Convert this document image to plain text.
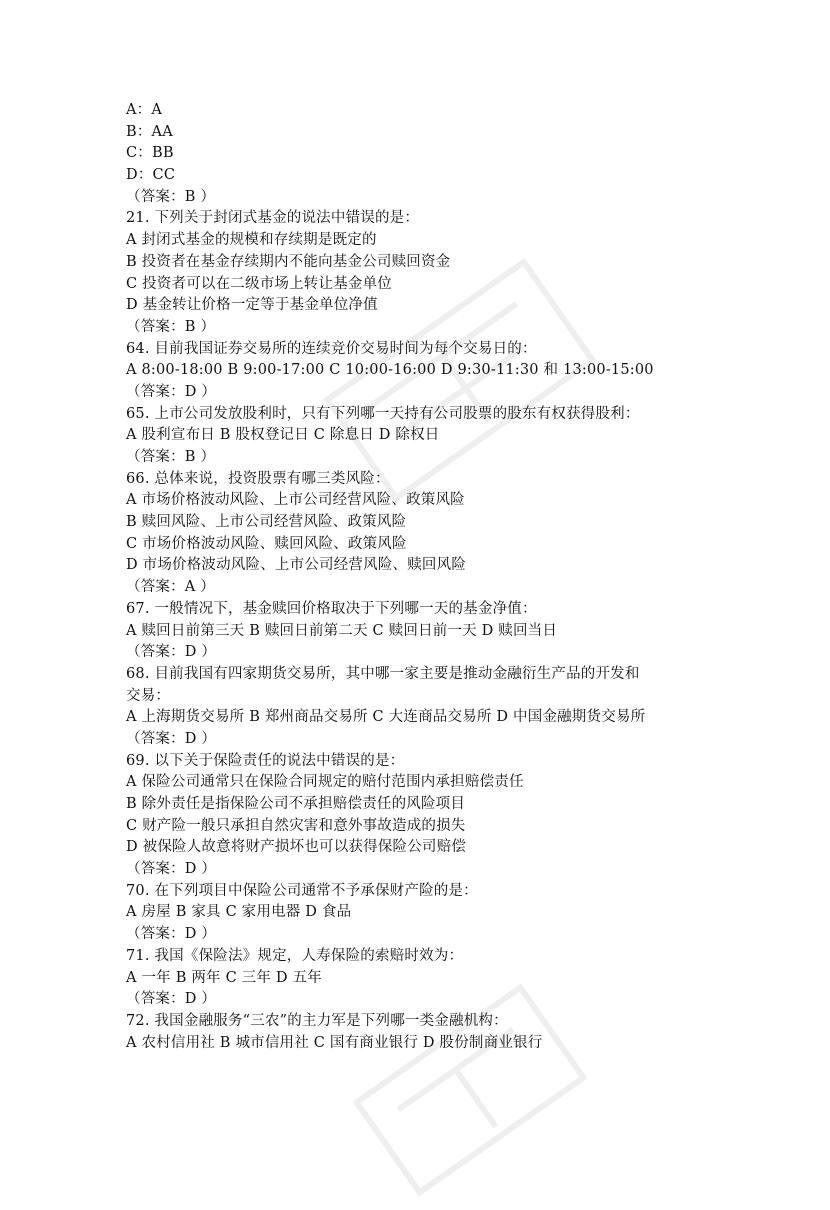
A：A
B：AA
C：BB
D：CC
（答案：B ）
21. 下列关于封闭式基金的说法中错误的是：
A 封闭式基金的规模和存续期是既定的
B 投资者在基金存续期内不能向基金公司赎回资金
C 投资者可以在二级市场上转让基金单位
D 基金转让价格一定等于基金单位净值
（答案：B ）
64. 目前我国证券交易所的连续竞价交易时间为每个交易日的：
A 8:00-18:00 B 9:00-17:00 C 10:00-16:00 D 9:30-11:30 和 13:00-15:00
（答案：D ）
65. 上市公司发放股利时，只有下列哪一天持有公司股票的股东有权获得股利：
A 股利宣布日 B 股权登记日 C 除息日 D 除权日
（答案：B ）
66. 总体来说，投资股票有哪三类风险：
A 市场价格波动风险、上市公司经营风险、政策风险
B 赎回风险、上市公司经营风险、政策风险
C 市场价格波动风险、赎回风险、政策风险
D 市场价格波动风险、上市公司经营风险、赎回风险
（答案：A ）
67. 一般情况下，基金赎回价格取决于下列哪一天的基金净值：
A 赎回日前第三天 B 赎回日前第二天 C 赎回日前一天 D 赎回当日
（答案：D ）
68. 目前我国有四家期货交易所，其中哪一家主要是推动金融衍生产品的开发和
交易：
A 上海期货交易所 B 郑州商品交易所 C 大连商品交易所 D 中国金融期货交易所
（答案：D ）
69. 以下关于保险责任的说法中错误的是：
A 保险公司通常只在保险合同规定的赔付范围内承担赔偿责任
B 除外责任是指保险公司不承担赔偿责任的风险项目
C 财产险一般只承担自然灾害和意外事故造成的损失
D 被保险人故意将财产损坏也可以获得保险公司赔偿
（答案：D ）
70. 在下列项目中保险公司通常不予承保财产险的是：
A 房屋 B 家具 C 家用电器 D 食品
（答案：D ）
71. 我国《保险法》规定，人寿保险的索赔时效为：
A 一年 B 两年 C 三年 D 五年
（答案：D ）
72. 我国金融服务“三农”的主力军是下列哪一类金融机构：
A 农村信用社 B 城市信用社 C 国有商业银行 D 股份制商业银行
